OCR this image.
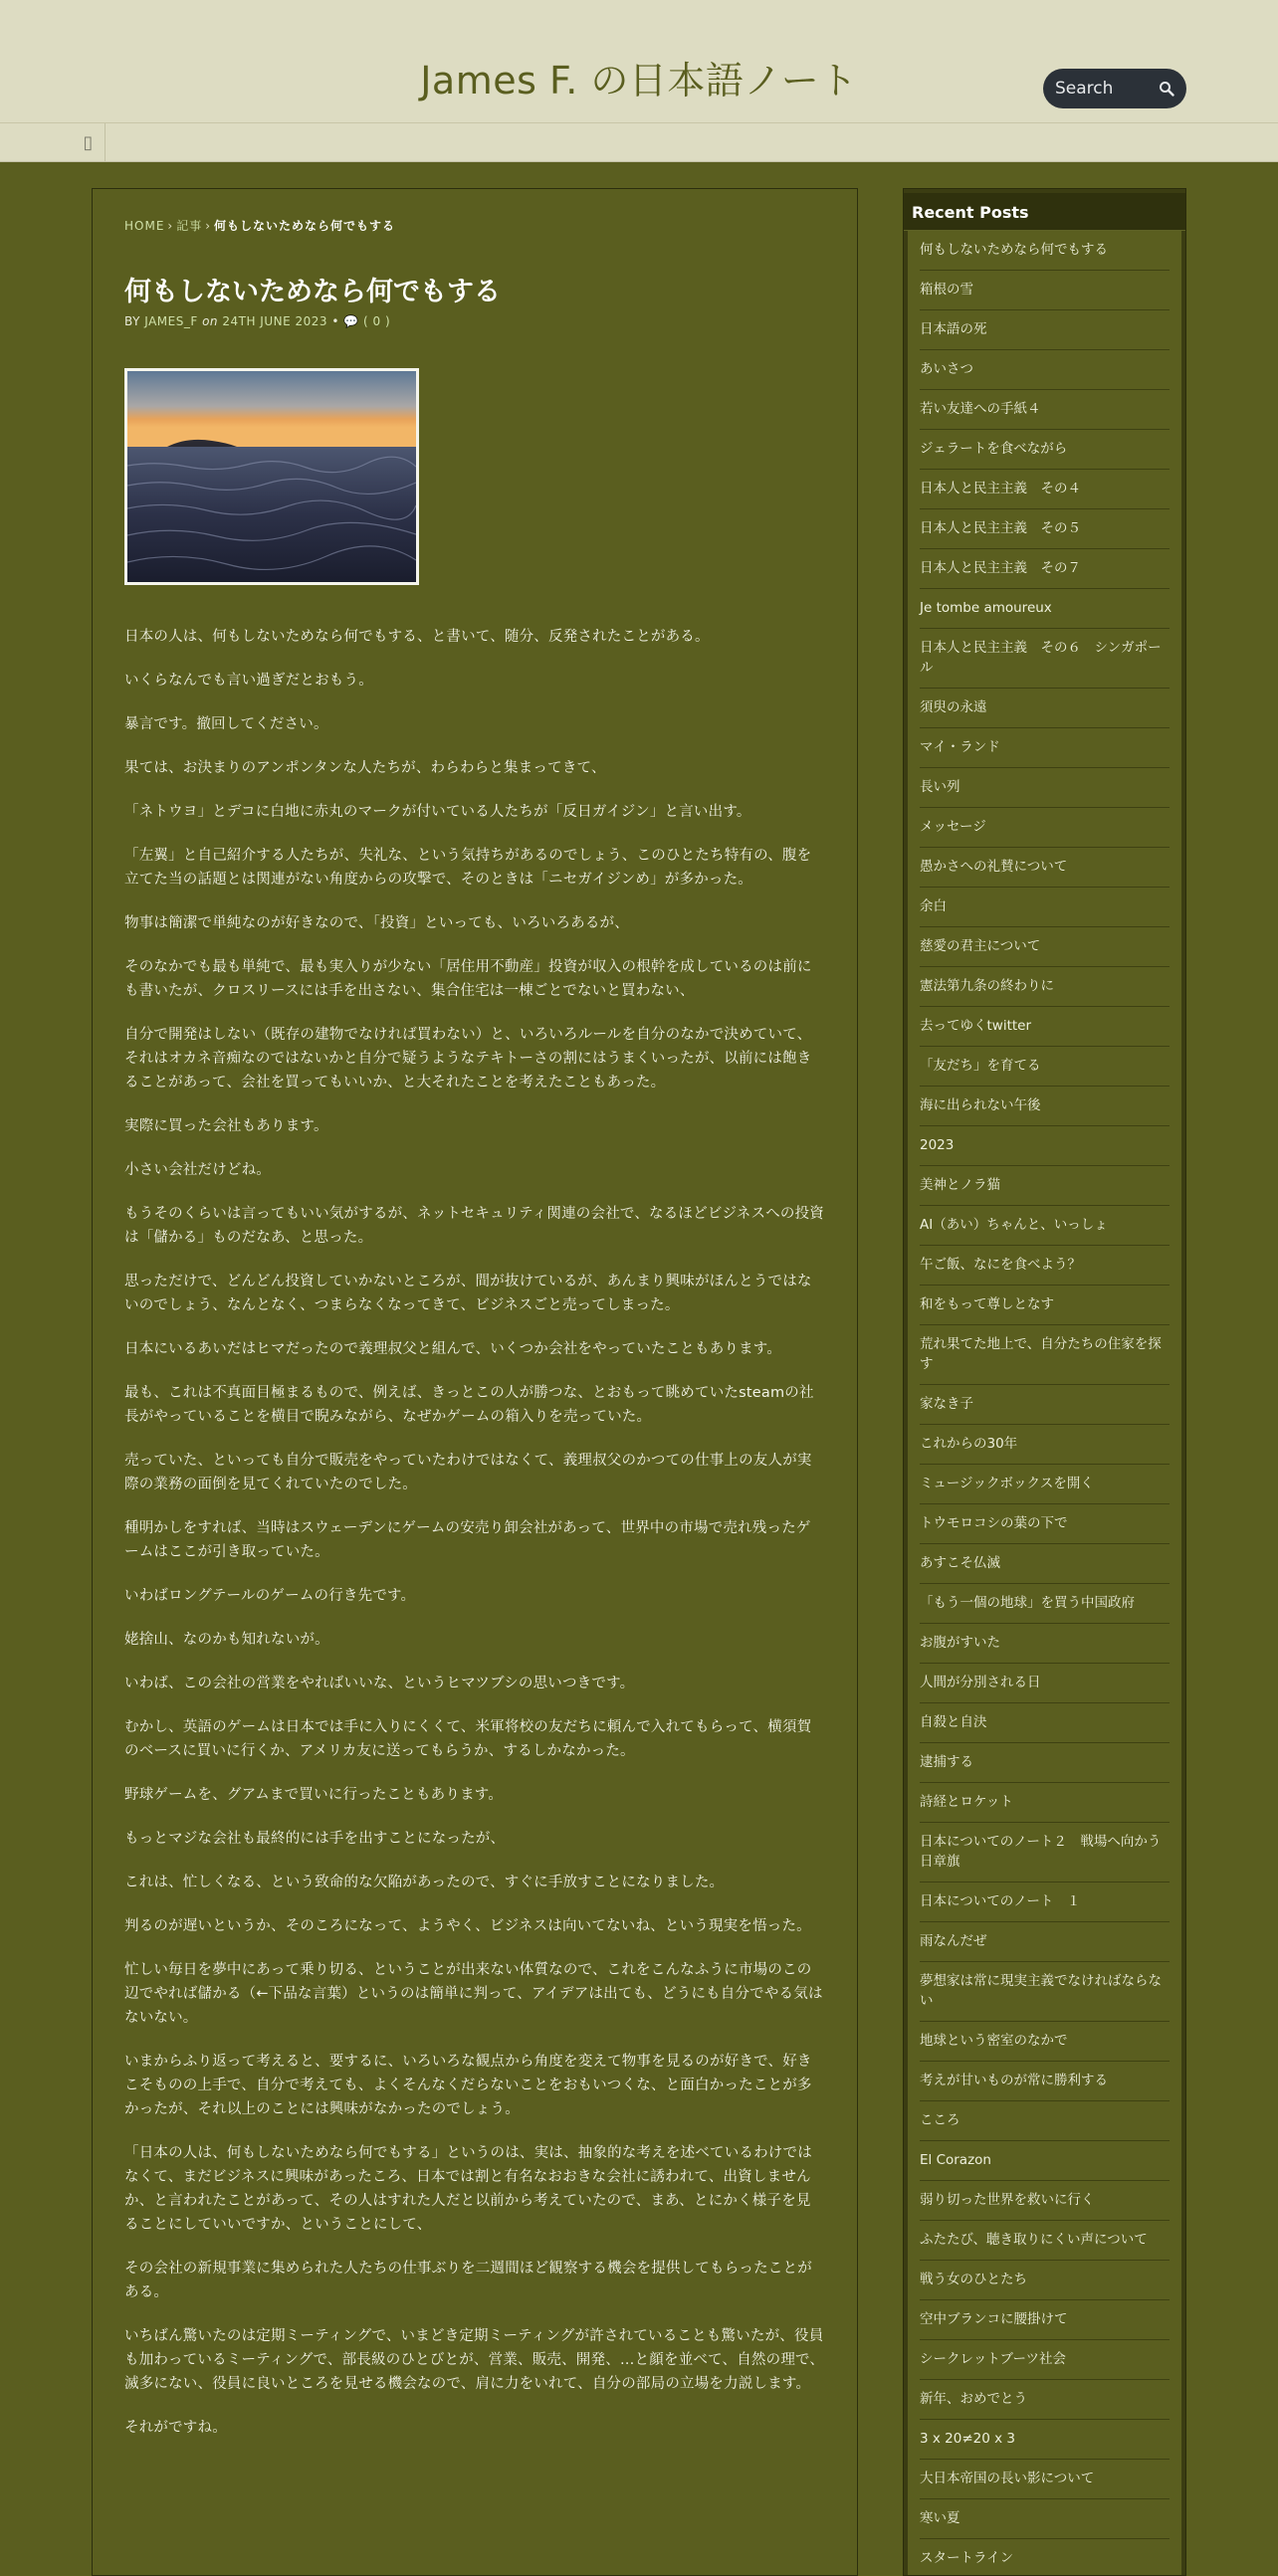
James F. の日本語ノート
Search
▯
HOME › 記事 › 何もしないためなら何でもする
何もしないためなら何でもする
BY JAMES_F on 24TH JUNE 2023 • 💬 ( 0 )

日本の人は、何もしないためなら何でもする、と書いて、随分、反発されたことがある。

いくらなんでも言い過ぎだとおもう。

暴言です。撤回してください。

果ては、お決まりのアンポンタンな人たちが、わらわらと集まってきて、

「ネトウヨ」とデコに白地に赤丸のマークが付いている人たちが「反日ガイジン」と言い出す。

「左翼」と自己紹介する人たちが、失礼な、という気持ちがあるのでしょう、このひとたち特有の、腹を立てた当の話題とは関連がない角度からの攻撃で、そのときは「ニセガイジンめ」が多かった。

物事は簡潔で単純なのが好きなので、「投資」といっても、いろいろあるが、

そのなかでも最も単純で、最も実入りが少ない「居住用不動産」投資が収入の根幹を成しているのは前にも書いたが、クロスリースには手を出さない、集合住宅は一棟ごとでないと買わない、

自分で開発はしない（既存の建物でなければ買わない）と、いろいろルールを自分のなかで決めていて、それはオカネ音痴なのではないかと自分で疑うようなテキトーさの割にはうまくいったが、以前には飽きることがあって、会社を買ってもいいか、と大それたことを考えたこともあった。

実際に買った会社もあります。

小さい会社だけどね。

もうそのくらいは言ってもいい気がするが、ネットセキュリティ関連の会社で、なるほどビジネスへの投資は「儲かる」ものだなあ、と思った。

思っただけで、どんどん投資していかないところが、間が抜けているが、あんまり興味がほんとうではないのでしょう、なんとなく、つまらなくなってきて、ビジネスごと売ってしまった。

日本にいるあいだはヒマだったので義理叔父と組んで、いくつか会社をやっていたこともあります。

最も、これは不真面目極まるもので、例えば、きっとこの人が勝つな、とおもって眺めていたsteamの社長がやっていることを横目で睨みながら、なぜかゲームの箱入りを売っていた。

売っていた、といっても自分で販売をやっていたわけではなくて、義理叔父のかつての仕事上の友人が実際の業務の面倒を見てくれていたのでした。

種明かしをすれば、当時はスウェーデンにゲームの安売り卸会社があって、世界中の市場で売れ残ったゲームはここが引き取っていた。

いわばロングテールのゲームの行き先です。

姥捨山、なのかも知れないが。

いわば、この会社の営業をやればいいな、というヒマツブシの思いつきです。

むかし、英語のゲームは日本では手に入りにくくて、米軍将校の友だちに頼んで入れてもらって、横須賀のベースに買いに行くか、アメリカ友に送ってもらうか、するしかなかった。

野球ゲームを、グアムまで買いに行ったこともあります。

もっとマジな会社も最終的には手を出すことになったが、

これは、忙しくなる、という致命的な欠陥があったので、すぐに手放すことになりました。

判るのが遅いというか、そのころになって、ようやく、ビジネスは向いてないね、という現実を悟った。

忙しい毎日を夢中にあって乗り切る、ということが出来ない体質なので、これをこんなふうに市場のこの辺でやれば儲かる（←下品な言葉）というのは簡単に判って、アイデアは出ても、どうにも自分でやる気はないない。

いまからふり返って考えると、要するに、いろいろな観点から角度を変えて物事を見るのが好きで、好きこそものの上手で、自分で考えても、よくそんなくだらないことをおもいつくな、と面白かったことが多かったが、それ以上のことには興味がなかったのでしょう。

「日本の人は、何もしないためなら何でもする」というのは、実は、抽象的な考えを述べているわけではなくて、まだビジネスに興味があったころ、日本では割と有名なおおきな会社に誘われて、出資しませんか、と言われたことがあって、その人はすれた人だと以前から考えていたので、まあ、とにかく様子を見ることにしていいですか、ということにして、

その会社の新規事業に集められた人たちの仕事ぶりを二週間ほど観察する機会を提供してもらったことがある。

いちばん驚いたのは定期ミーティングで、いまどき定期ミーティングが許されていることも驚いたが、役員も加わっているミーティングで、部長級のひとびとが、営業、販売、開発、…と顔を並べて、自然の理で、滅多にない、役員に良いところを見せる機会なので、肩に力をいれて、自分の部局の立場を力説します。

それがですね。

Recent Posts
何もしないためなら何でもする
箱根の雪
日本語の死
あいさつ
若い友達への手紙４
ジェラートを食べながら
日本人と民主主義　その４
日本人と民主主義　その５
日本人と民主主義　その７
Je tombe amoureux
日本人と民主主義　その６　シンガポール
須臾の永遠
マイ・ランド
長い列
メッセージ
愚かさへの礼賛について
余白
慈愛の君主について
憲法第九条の終わりに
去ってゆくtwitter
「友だち」を育てる
海に出られない午後
2023
美神とノラ猫
AI（あい）ちゃんと、いっしょ
午ご飯、なにを食べよう？
和をもって尊しとなす
荒れ果てた地上で、自分たちの住家を探す
家なき子
これからの30年
ミュージックボックスを開く
トウモロコシの葉の下で
あすこそ仏滅
「もう一個の地球」を買う中国政府
お腹がすいた
人間が分別される日
自殺と自決
逮捕する
詩経とロケット
日本についてのノート２　戦場へ向かう日章旗
日本についてのノート　１
雨なんだぜ
夢想家は常に現実主義でなければならない
地球という密室のなかで
考えが甘いものが常に勝利する
こころ
El Corazon
弱り切った世界を救いに行く
ふたたび、聴き取りにくい声について
戦う女のひとたち
空中ブランコに腰掛けて
シークレットブーツ社会
新年、おめでとう
3 x 20≠20 x 3
大日本帝国の長い影について
寒い夏
スタートライン
